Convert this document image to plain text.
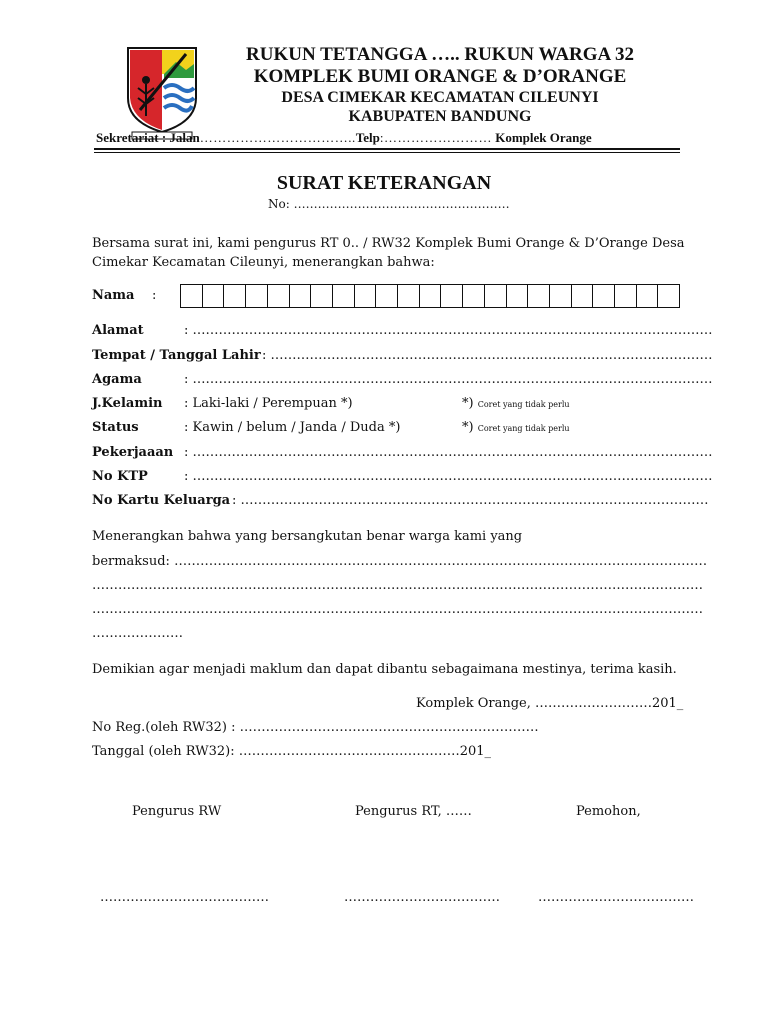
RUKUN TETANGGA ….. RUKUN WARGA 32
KOMPLEK BUMI ORANGE & D’ORANGE
DESA CIMEKAR KECAMATAN CILEUNYI
KABUPATEN BANDUNG
Sekretariat : Jalan……………………………..Telp:…………………… Komplek Orange
SURAT KETERANGAN
No: ………………………………………………
Bersama surat ini, kami pengurus RT 0.. / RW32 Komplek Bumi Orange & D’Orange Desa
Cimekar Kecamatan Cileunyi, menerangkan bahwa:
Nama :
Alamat	: …………………………………………………………………………………………………………
Tempat / Tanggal Lahir : …………………………………………………………………………………………
Agama	: …………………………………………………………………………………………………………
J.Kelamin : Laki-laki / Perempuan *)	*) Coret yang tidak perlu
Status	: Kawin / belum / Janda / Duda *)	*) Coret yang tidak perlu
Pekerjaaan : …………………………………………………………………………………………………………
No KTP	: …………………………………………………………………………………………………………
No Kartu Keluarga : ………………………………………………………………………………………………
Menerangkan bahwa yang bersangkutan benar warga kami yang
bermaksud: ……………………………………………………………………………………………………………
……………………………………………………………………………………………………………………………
……………………………………………………………………………………………………………………………
…………………
Demikian agar menjadi maklum dan dapat dibantu sebagaimana mestinya, terima kasih.
Komplek Orange, ………………………201_
No Reg.(oleh RW32) : ……………………………………………………………
Tanggal (oleh RW32): ……………………………………………201_
Pengurus RW	Pengurus RT, ……	Pemohon,
…………………………………	………………………………	………………………………
